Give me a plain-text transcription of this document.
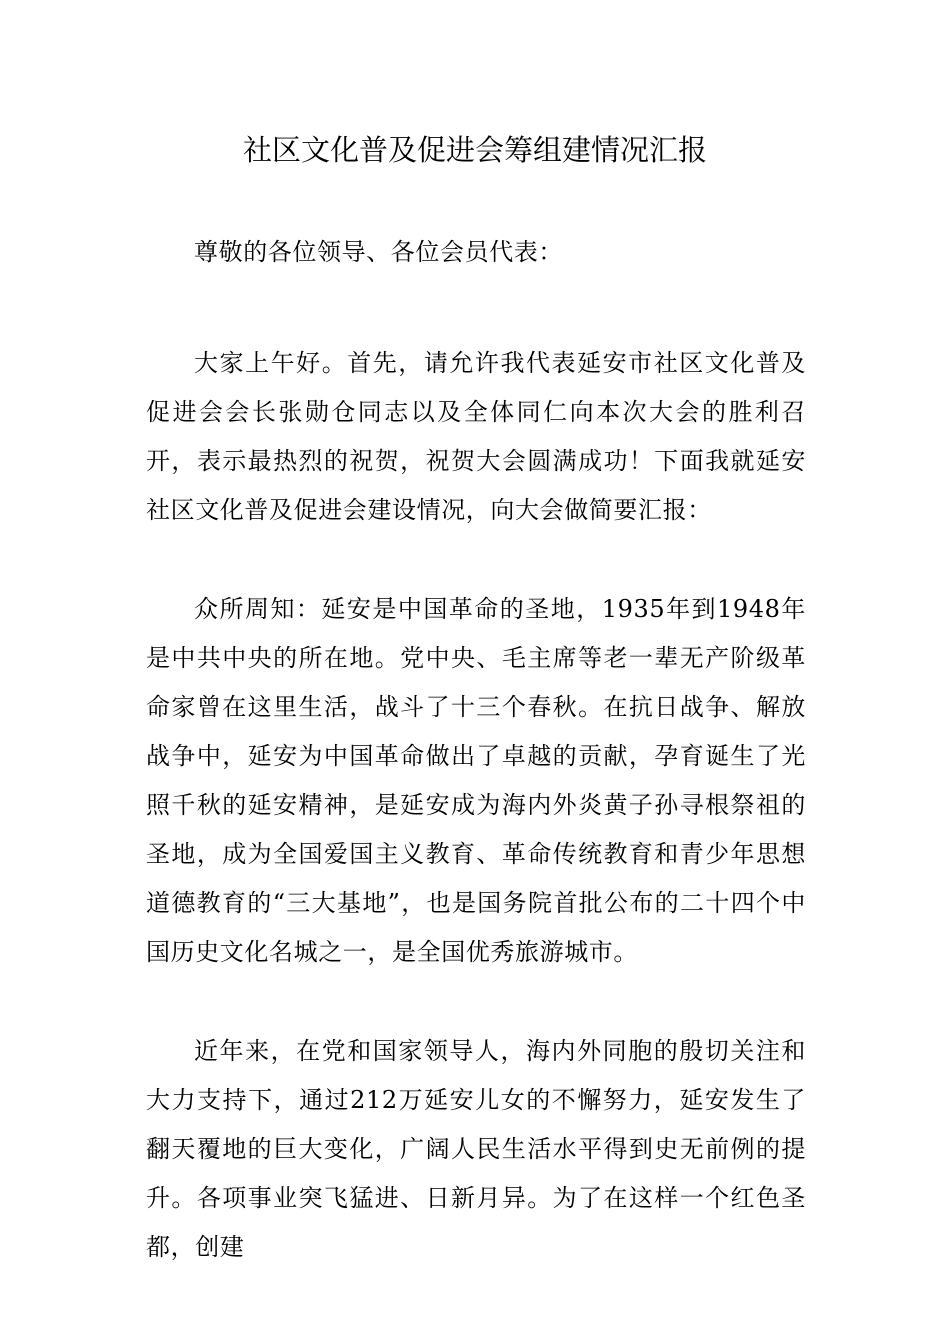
社区文化普及促进会筹组建情况汇报

尊敬的各位领导、各位会员代表：

大家上午好。首先，请允许我代表延安市社区文化普及促进会会长张勋仓同志以及全体同仁向本次大会的胜利召开，表示最热烈的祝贺，祝贺大会圆满成功！下面我就延安社区文化普及促进会建设情况，向大会做简要汇报：

众所周知：延安是中国革命的圣地，1935年到1948年是中共中央的所在地。党中央、毛主席等老一辈无产阶级革命家曾在这里生活，战斗了十三个春秋。在抗日战争、解放战争中，延安为中国革命做出了卓越的贡献，孕育诞生了光照千秋的延安精神，是延安成为海内外炎黄子孙寻根祭祖的圣地，成为全国爱国主义教育、革命传统教育和青少年思想道德教育的“三大基地”，也是国务院首批公布的二十四个中国历史文化名城之一，是全国优秀旅游城市。

近年来，在党和国家领导人，海内外同胞的殷切关注和大力支持下，通过212万延安儿女的不懈努力，延安发生了翻天覆地的巨大变化，广阔人民生活水平得到史无前例的提升。各项事业突飞猛进、日新月异。为了在这样一个红色圣都，创建
